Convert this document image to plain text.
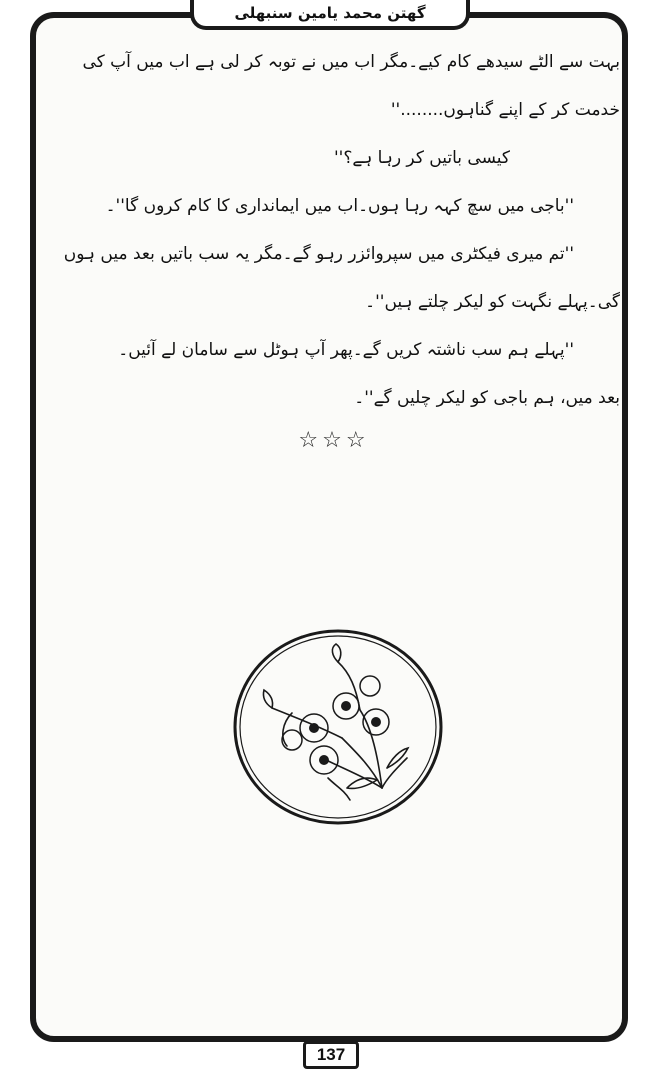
گھتن محمد یامین سنبھلی
بہت سے الٹے سیدھے کام کیے۔مگر اب میں نے توبہ کر لی ہے اب میں آپ کی
خدمت کر کے اپنے گناہوں........''
کیسی باتیں کر رہا ہے؟''
''باجی میں سچ کہہ رہا ہوں۔اب میں ایمانداری کا کام کروں گا''۔
''تم میری فیکٹری میں سپروائزر رہو گے۔مگر یہ سب باتیں بعد میں ہوں
گی۔پہلے نگہت کو لیکر چلتے ہیں''۔
''پہلے ہم سب ناشتہ کریں گے۔پھر آپ ہوٹل سے سامان لے آئیں۔
بعد میں، ہم باجی کو لیکر چلیں گے''۔
☆☆☆
137
